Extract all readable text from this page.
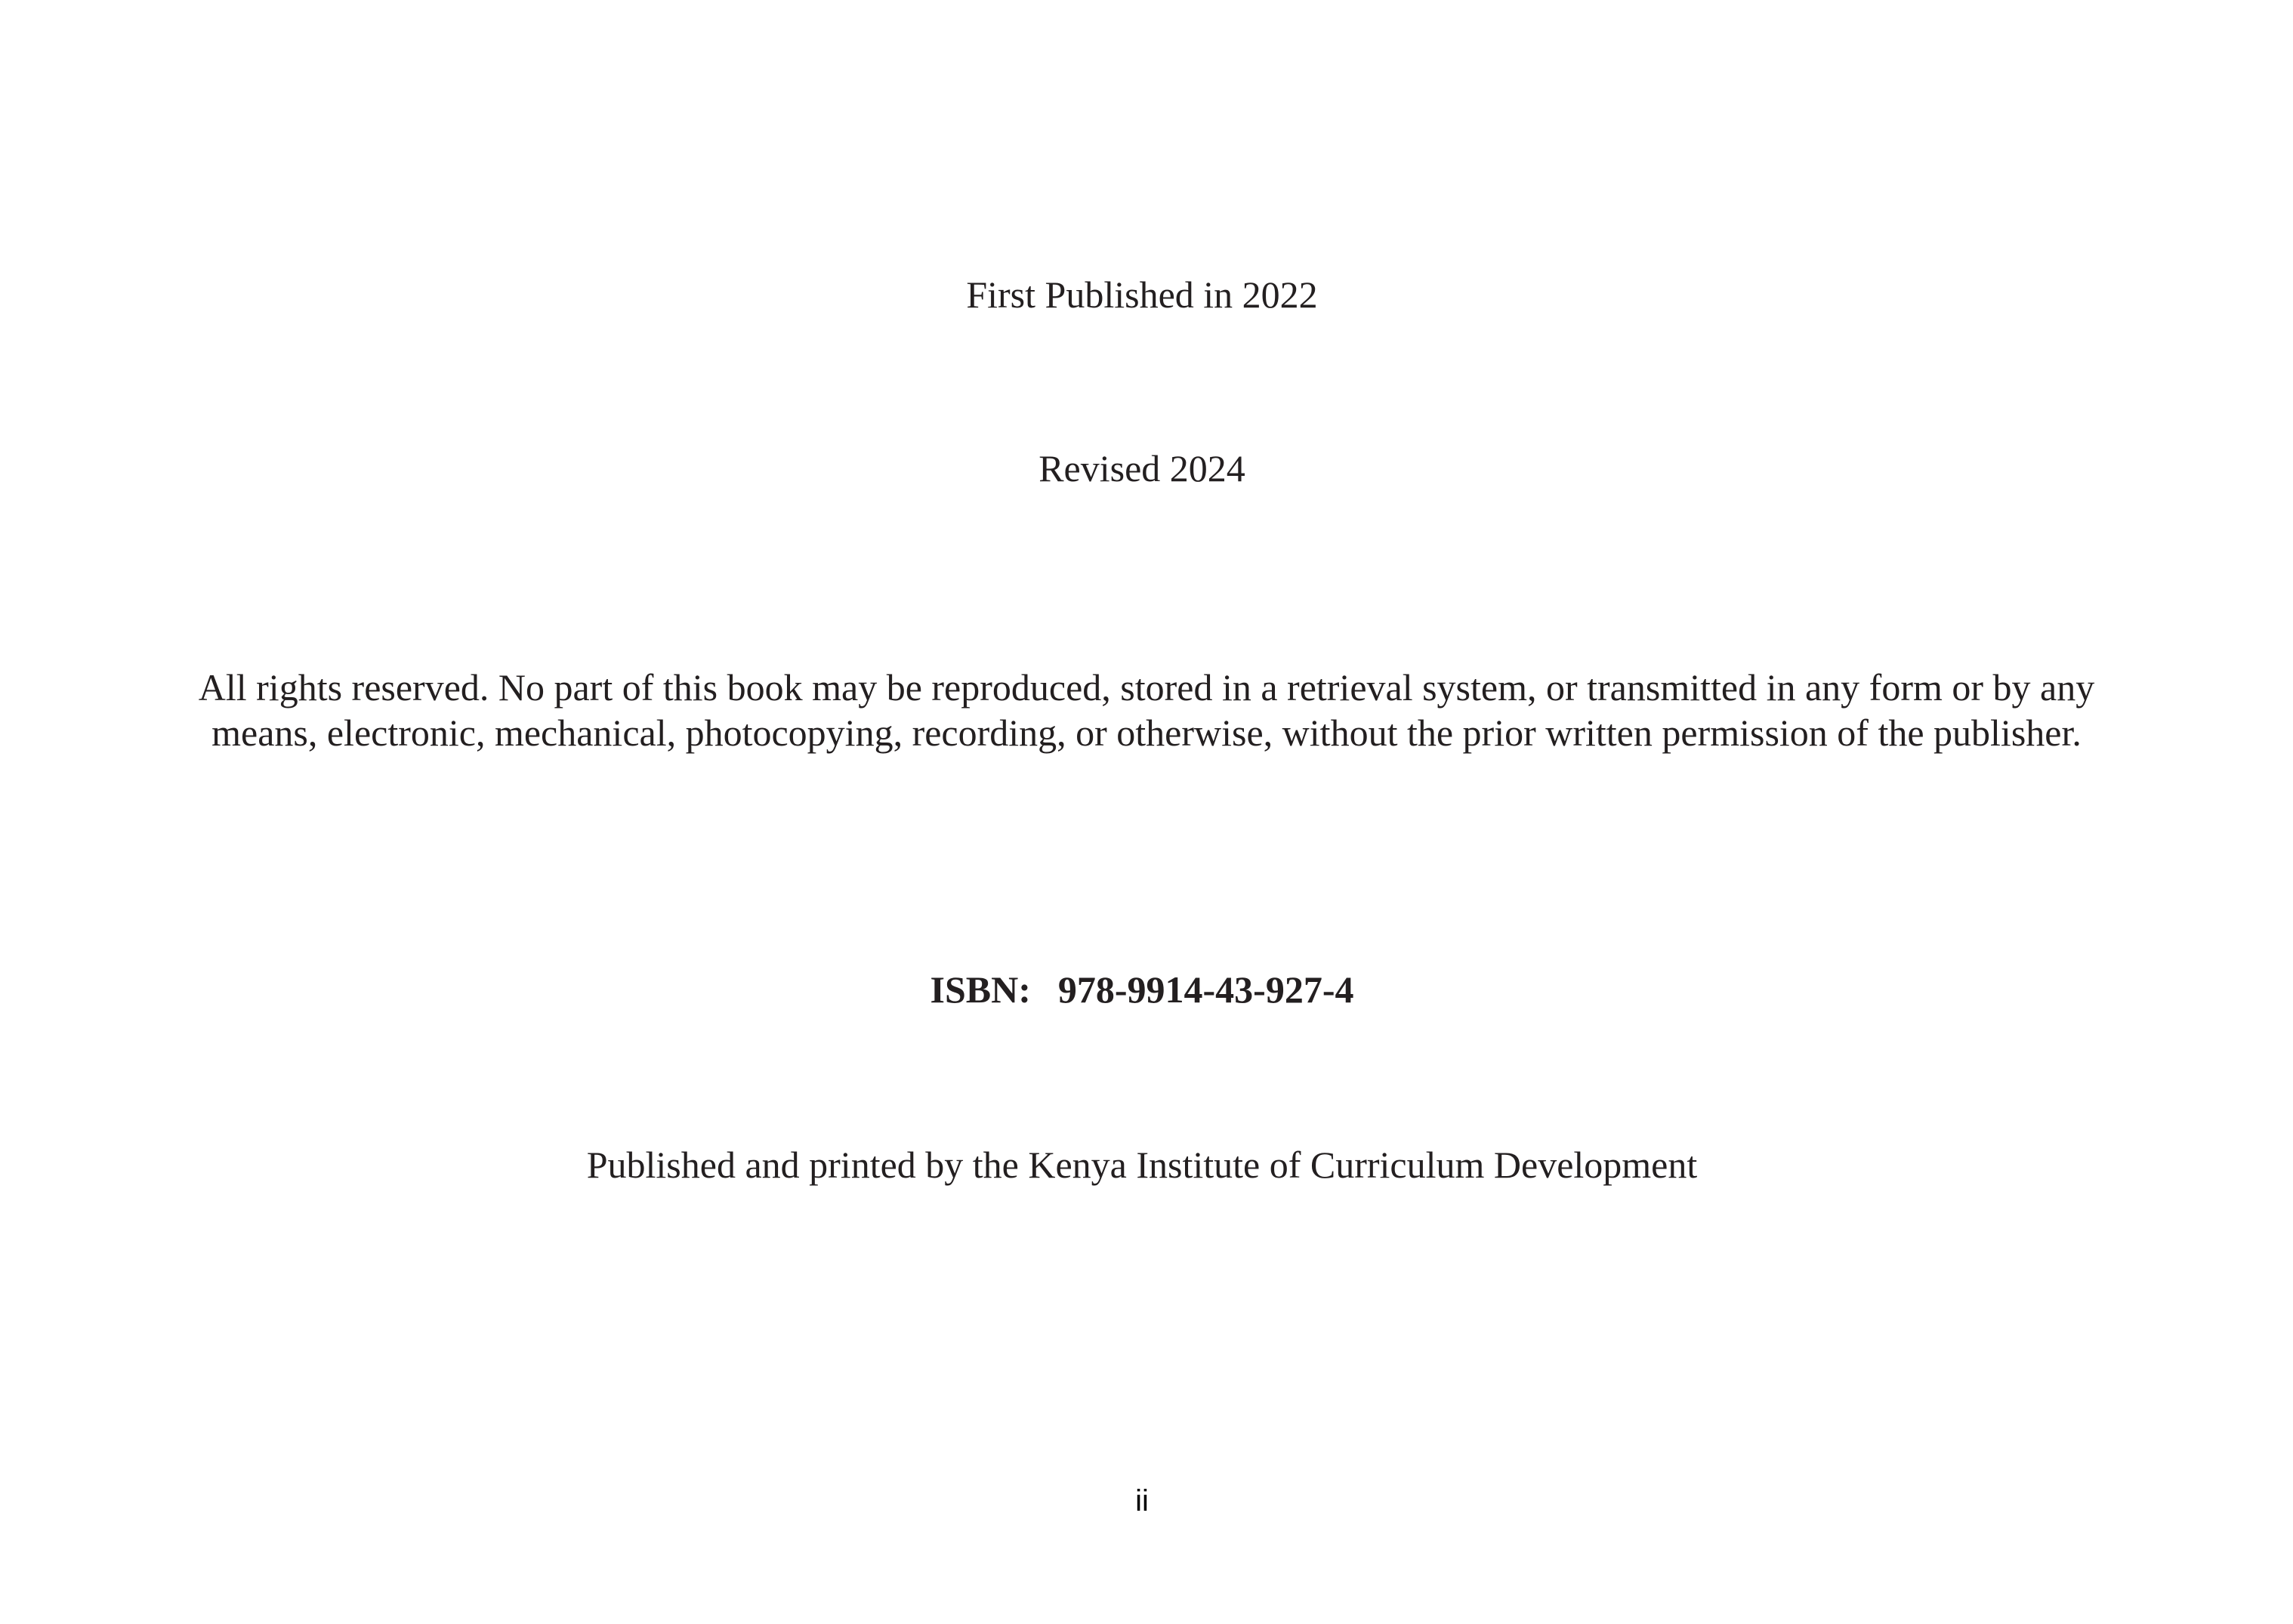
First Published in 2022
Revised 2024
All rights reserved. No part of this book may be reproduced, stored in a retrieval system, or transmitted in any form or by any
means, electronic, mechanical, photocopying, recording, or otherwise, without the prior written permission of the publisher.
ISBN: 978-9914-43-927-4
Published and printed by the Kenya Institute of Curriculum Development
ii
